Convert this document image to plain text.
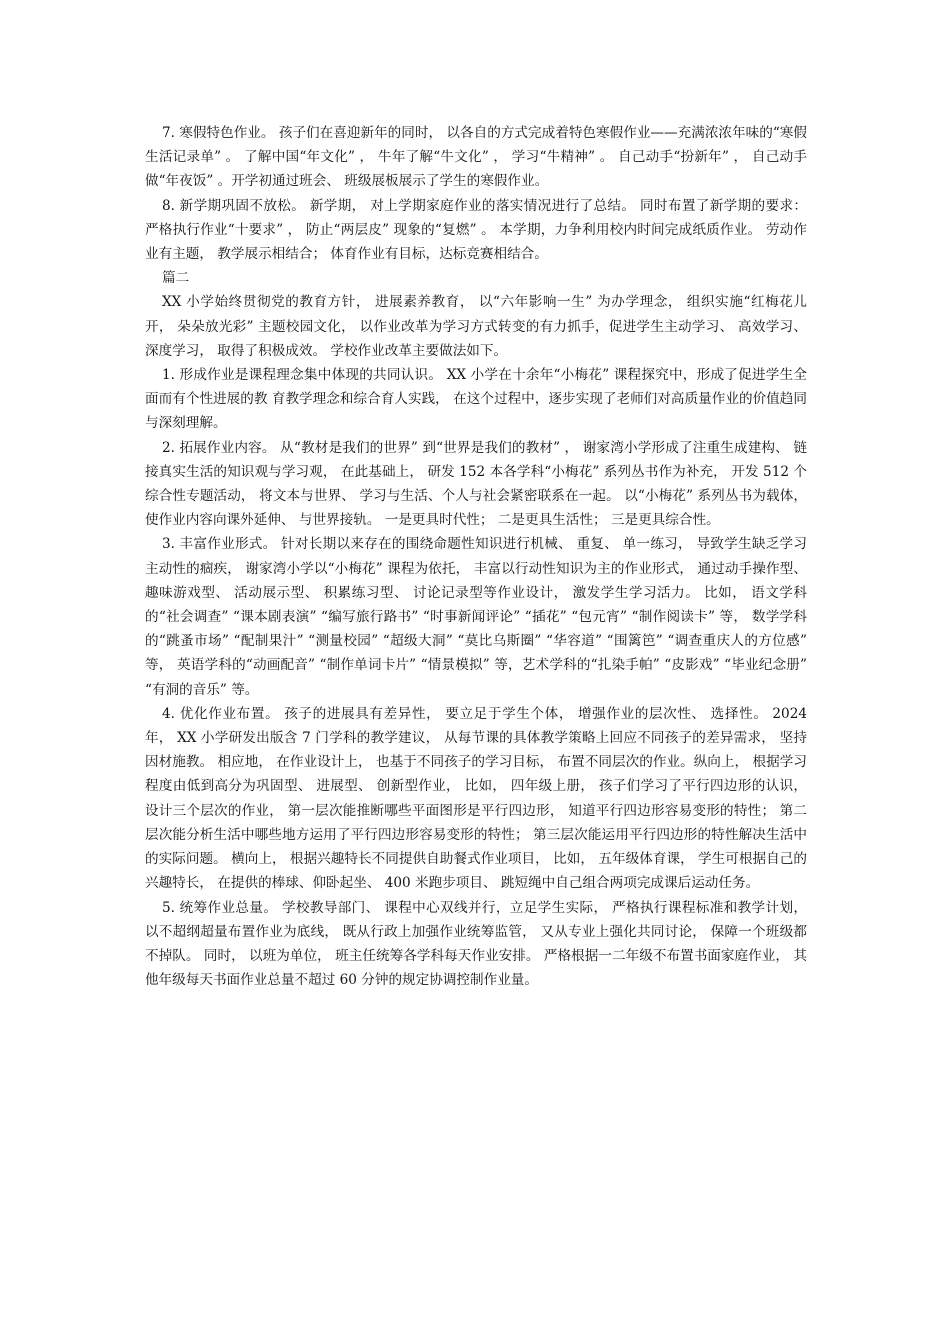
7. 寒假特色作业。 孩子们在喜迎新年的同时， 以各自的方式完成着特色寒假作业——充满浓浓年味的“寒假生活记录单” 。 了解中国“年文化” ， 牛年了解“牛文化” ， 学习“牛精神” 。 自己动手“扮新年” ， 自己动手做“年夜饭” 。开学初通过班会、 班级展板展示了学生的寒假作业。

8. 新学期巩固不放松。 新学期， 对上学期家庭作业的落实情况进行了总结。 同时布置了新学期的要求： 严格执行作业“十要求” ， 防止“两层皮” 现象的“复燃” 。 本学期，力争利用校内时间完成纸质作业。 劳动作业有主题， 教学展示相结合； 体育作业有目标，达标竞赛相结合。

篇二

XX 小学始终贯彻党的教育方针， 进展素养教育， 以“六年影响一生” 为办学理念， 组织实施“红梅花儿开， 朵朵放光彩” 主题校园文化， 以作业改革为学习方式转变的有力抓手，促进学生主动学习、 高效学习、 深度学习， 取得了积极成效。 学校作业改革主要做法如下。

1. 形成作业是课程理念集中体现的共同认识。 XX 小学在十余年“小梅花” 课程探究中，形成了促进学生全面而有个性进展的教 育教学理念和综合育人实践， 在这个过程中，逐步实现了老师们对高质量作业的价值趋同与深刻理解。

2. 拓展作业内容。 从“教材是我们的世界” 到“世界是我们的教材” ， 谢家湾小学形成了注重生成建构、 链接真实生活的知识观与学习观， 在此基础上， 研发 152 本各学科“小梅花” 系列丛书作为补充， 开发 512 个综合性专题活动， 将文本与世界、 学习与生活、个人与社会紧密联系在一起。 以“小梅花” 系列丛书为载体， 使作业内容向课外延伸、 与世界接轨。 一是更具时代性； 二是更具生活性； 三是更具综合性。

3. 丰富作业形式。 针对长期以来存在的围绕命题性知识进行机械、 重复、 单一练习， 导致学生缺乏学习主动性的痼疾， 谢家湾小学以“小梅花” 课程为依托， 丰富以行动性知识为主的作业形式， 通过动手操作型、 趣味游戏型、 活动展示型、 积累练习型、 讨论记录型等作业设计， 激发学生学习活力。 比如， 语文学科的“社会调查” “课本剧表演” “编写旅行路书” “时事新闻评论” “插花” “包元宵” “制作阅读卡” 等， 数学学科的“跳蚤市场” “配制果汁” “测量校园” “超级大洞” “莫比乌斯圈” “华容道” “围篱笆” “调查重庆人的方位感” 等， 英语学科的“动画配音” “制作单词卡片” “情景模拟” 等，艺术学科的“扎染手帕” “皮影戏” “毕业纪念册” “有洞的音乐” 等。

4. 优化作业布置。 孩子的进展具有差异性， 要立足于学生个体， 增强作业的层次性、 选择性。 2024 年， XX 小学研发出版含 7 门学科的教学建议， 从每节课的具体教学策略上回应不同孩子的差异需求， 坚持因材施教。 相应地， 在作业设计上， 也基于不同孩子的学习目标， 布置不同层次的作业。纵向上， 根据学习程度由低到高分为巩固型、 进展型、 创新型作业， 比如， 四年级上册， 孩子们学习了平行四边形的认识， 设计三个层次的作业， 第一层次能推断哪些平面图形是平行四边形， 知道平行四边形容易变形的特性； 第二层次能分析生活中哪些地方运用了平行四边形容易变形的特性； 第三层次能运用平行四边形的特性解决生活中的实际问题。 横向上， 根据兴趣特长不同提供自助餐式作业项目， 比如， 五年级体育课， 学生可根据自己的兴趣特长， 在提供的棒球、仰卧起坐、 400 米跑步项目、 跳短绳中自己组合两项完成课后运动任务。

5. 统筹作业总量。 学校教导部门、 课程中心双线并行，立足学生实际， 严格执行课程标准和教学计划， 以不超纲超量布置作业为底线， 既从行政上加强作业统筹监管， 又从专业上强化共同讨论， 保障一个班级都不掉队。 同时， 以班为单位， 班主任统筹各学科每天作业安排。 严格根据一二年级不布置书面家庭作业， 其他年级每天书面作业总量不超过 60 分钟的规定协调控制作业量。
